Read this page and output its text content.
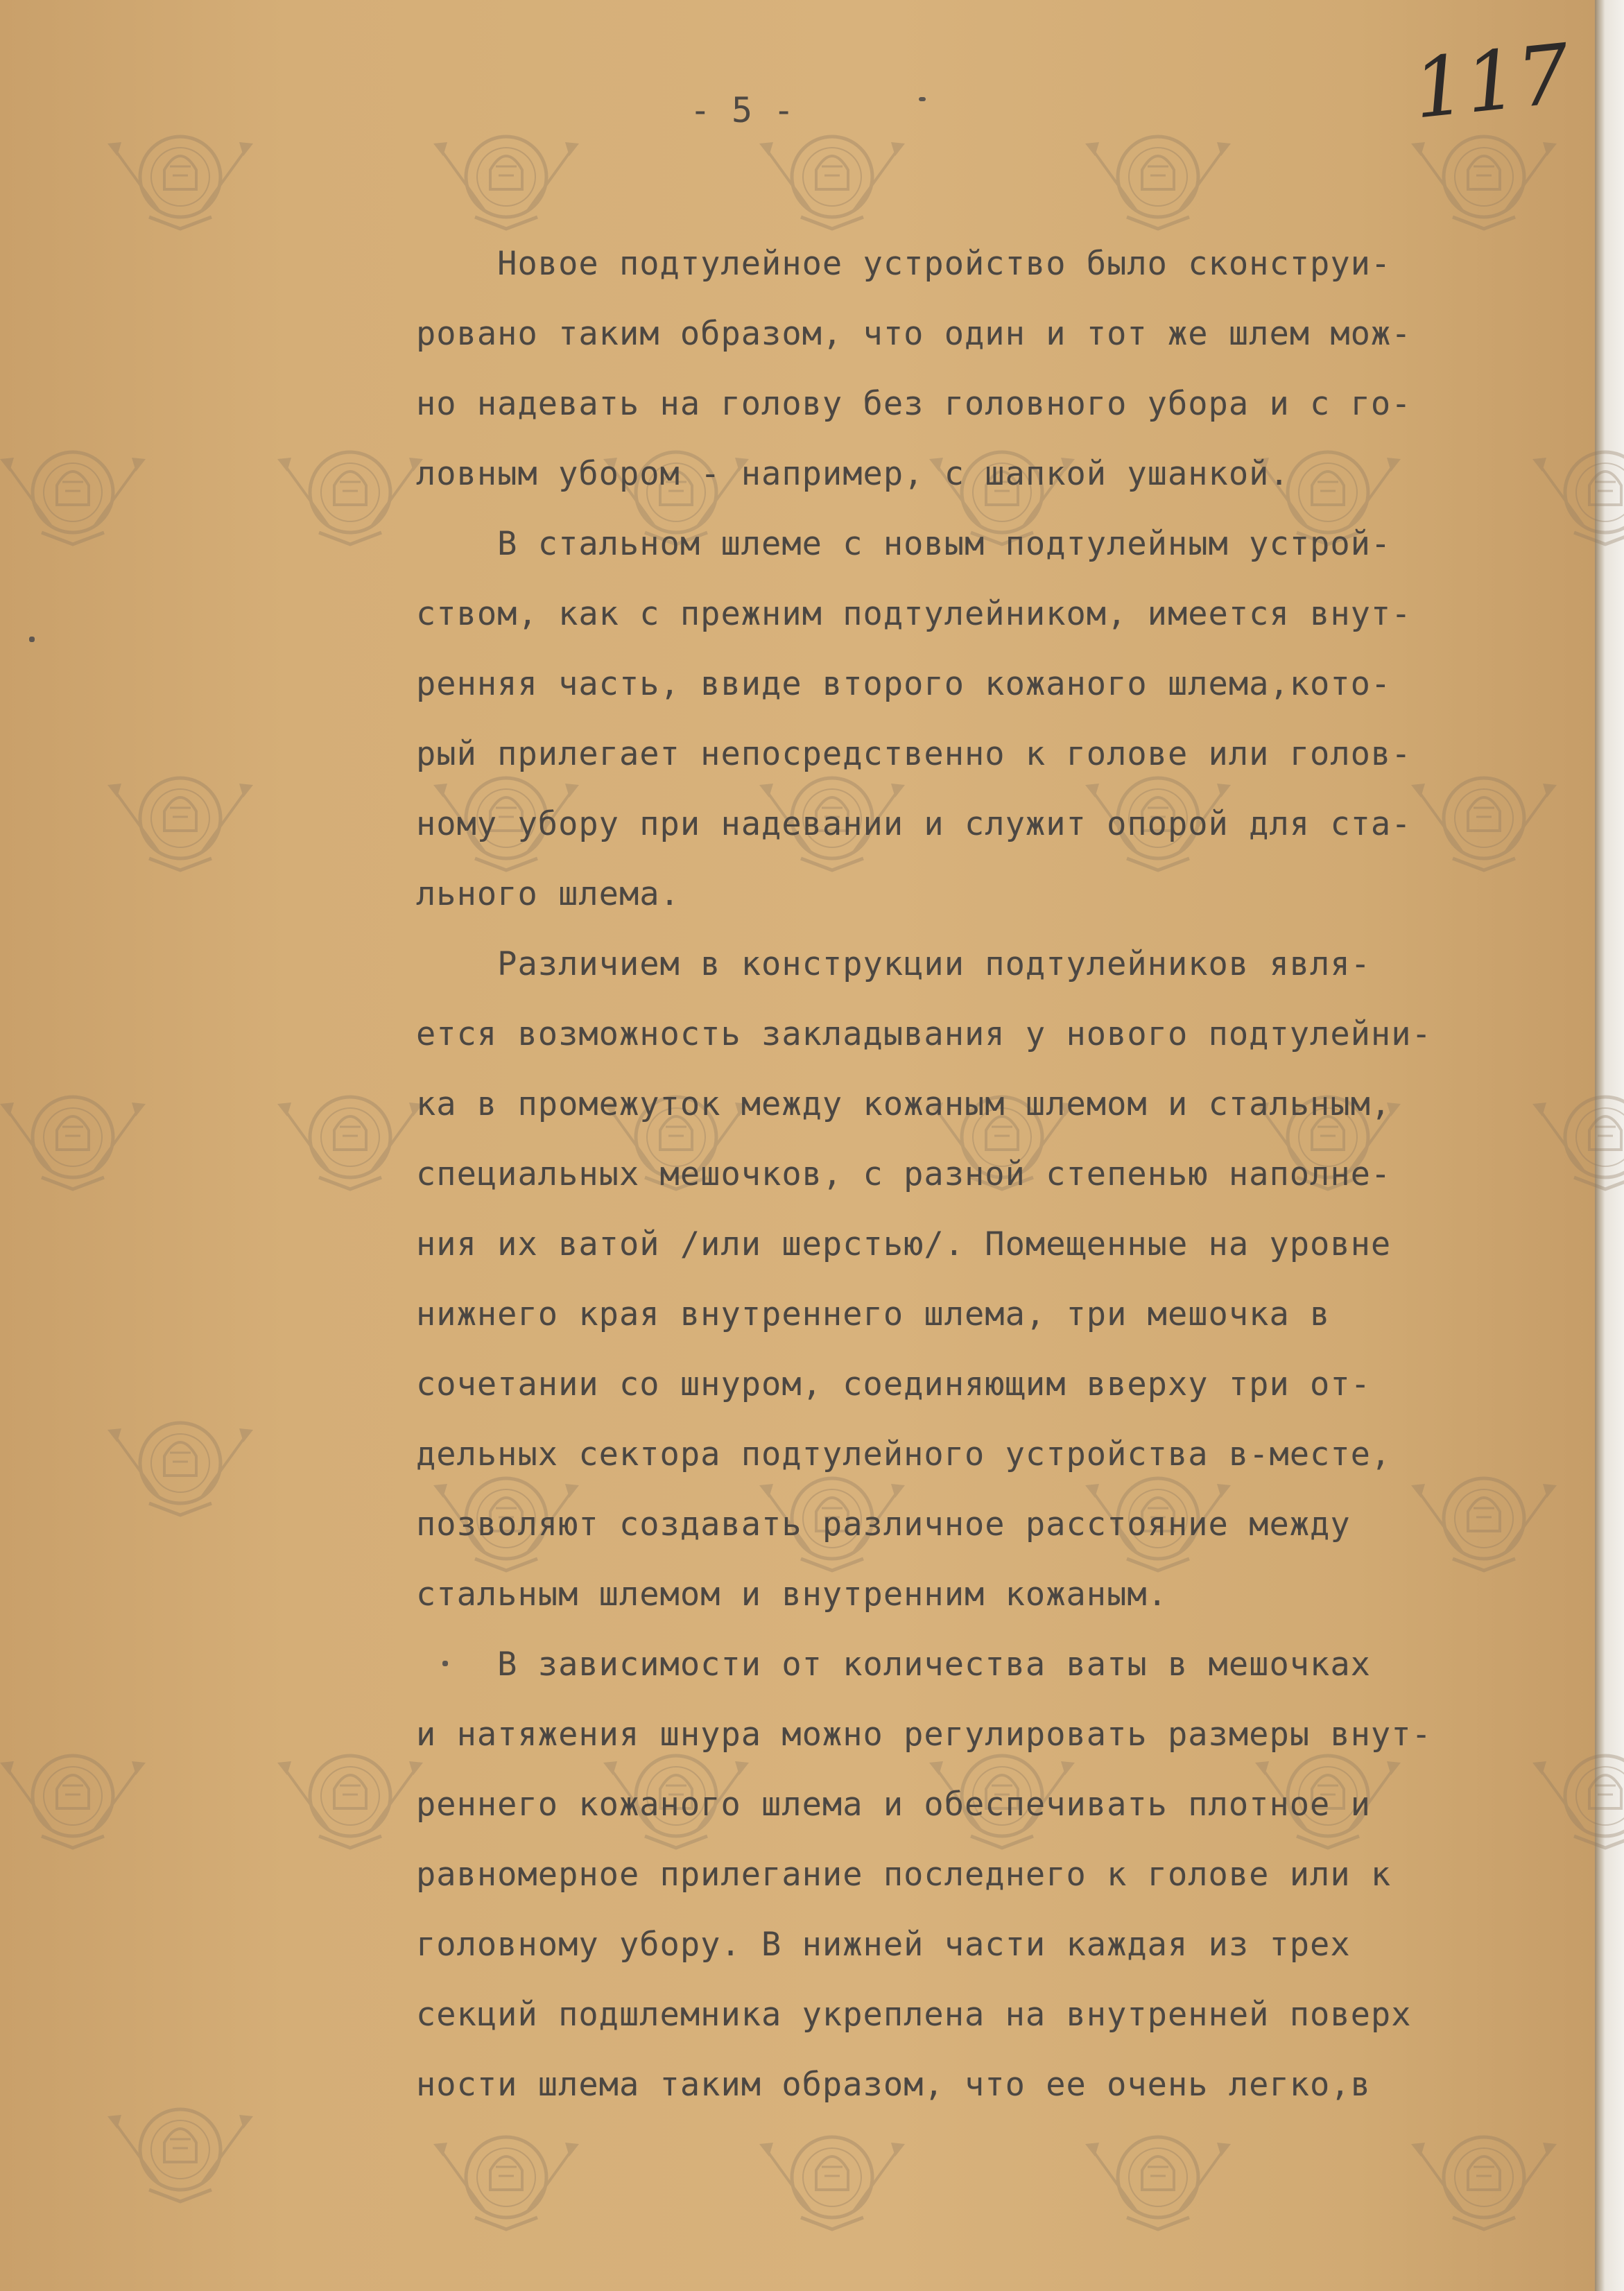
- 5 -	117
Новое подтулейное устройство было сконструи-
ровано таким образом, что один и тот же шлем мож-
но надевать на голову без головного убора и с го-
ловным убором - например, с шапкой ушанкой.
В стальном шлеме с новым подтулейным устрой-
ством, как с прежним подтулейником, имеется внут-
ренняя часть, ввиде второго кожаного шлема,кото-
рый прилегает непосредственно к голове или голов-
ному убору при надевании и служит опорой для ста-
льного шлема.
Различием в конструкции подтулейников явля-
ется возможность закладывания у нового подтулейни-
ка в промежуток между кожаным шлемом и стальным,
специальных мешочков, с разной степенью наполне-
ния их ватой /или шерстью/. Помещенные на уровне
нижнего края внутреннего шлема, три мешочка в
сочетании со шнуром, соединяющим вверху три от-
дельных сектора подтулейного устройства в-месте,
позволяют создавать различное расстояние между
стальным шлемом и внутренним кожаным.
В зависимости от количества ваты в мешочках
и натяжения шнура можно регулировать размеры внут-
реннего кожаного шлема и обеспечивать плотное и
равномерное прилегание последнего к голове или к
головному убору. В нижней части каждая из трех
секций подшлемника укреплена на внутренней поверх
ности шлема таким образом, что ее очень легко,в
